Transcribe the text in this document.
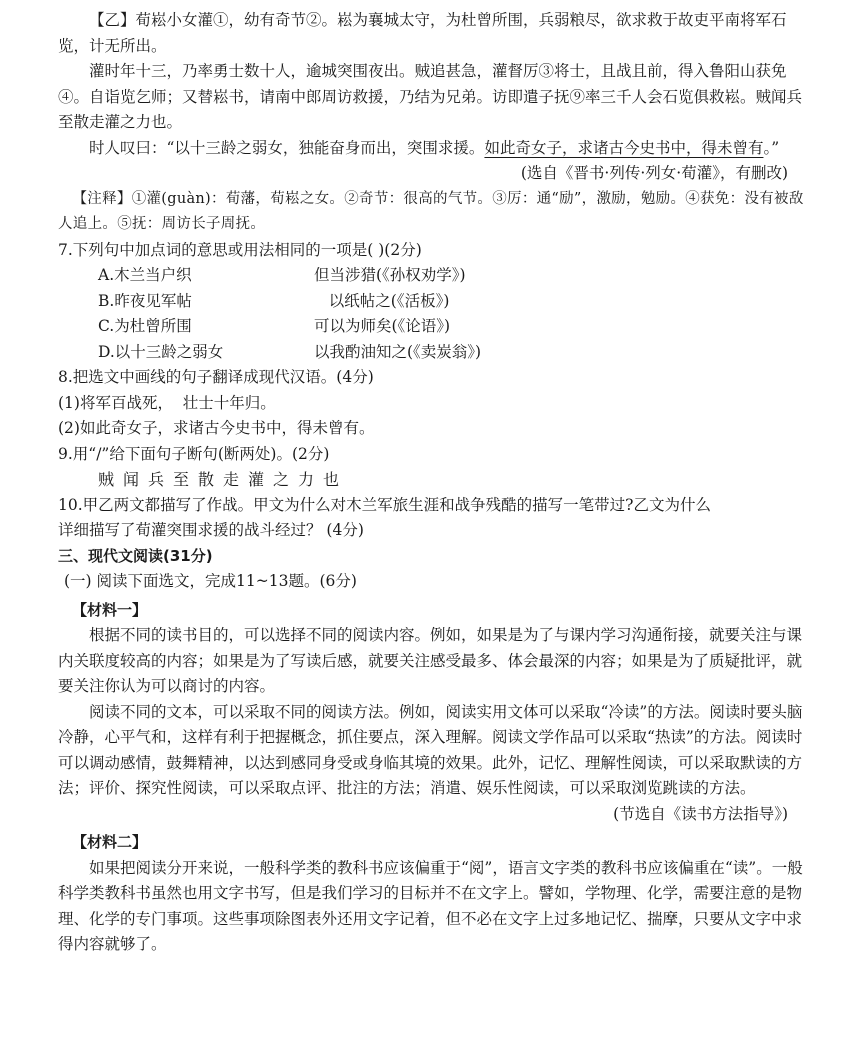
【乙】荀崧小女灌①，幼有奇节②。崧为襄城太守，为杜曾所围，兵弱粮尽，欲求救于故吏平南将军石览，计无所出。

灌时年十三，乃率勇士数十人，逾城突围夜出。贼追甚急，灌督厉③将士，且战且前，得入鲁阳山获免④。自诣览乞师；又替崧书，请南中郎周访救援，乃结为兄弟。访即遣子抚⑨率三千人会石览俱救崧。贼闻兵至散走灌之力也。

时人叹曰：“以十三龄之弱女，独能奋身而出，突围求援。如此奇女子，求诸古今史书中，得未曾有。”

(选自《晋书·列传·列女·荀灌》，有删改)

【注释】①灌(guàn)：荀藩，荀崧之女。②奇节：很高的气节。③厉：通“励”，激励，勉励。④获免：没有被敌人追上。⑤抚：周访长子周抚。

7.下列句中加点词的意思或用法相同的一项是( )(2分)

A.木兰当户织	但当涉猎(《孙权劝学》)
B.昨夜见军帖	以纸帖之(《活板》)
C.为杜曾所围	可以为师矣(《论语》)
D.以十三龄之弱女	以我酌油知之(《卖炭翁》)

8.把选文中画线的句子翻译成现代汉语。(4分)

(1)将军百战死，  壮士十年归。

(2)如此奇女子，求诸古今史书中，得未曾有。

9.用“/”给下面句子断句(断两处)。(2分)

贼闻兵至散走灌之力也

10.甲乙两文都描写了作战。甲文为什么对木兰军旅生涯和战争残酷的描写一笔带过?乙文为什么

详细描写了荀灌突围求援的战斗经过？ (4分)

三、现代文阅读(31分)

(一) 阅读下面选文，完成11~13题。(6分)

【材料一】

根据不同的读书目的，可以选择不同的阅读内容。例如，如果是为了与课内学习沟通衔接，就要关注与课内关联度较高的内容；如果是为了写读后感，就要关注感受最多、体会最深的内容；如果是为了质疑批评，就要关注你认为可以商讨的内容。

阅读不同的文本，可以采取不同的阅读方法。例如，阅读实用文体可以采取“冷读”的方法。阅读时要头脑冷静，心平气和，这样有利于把握概念，抓住要点，深入理解。阅读文学作品可以采取“热读”的方法。阅读时可以调动感情，鼓舞精神，以达到感同身受或身临其境的效果。此外，记忆、理解性阅读，可以采取默读的方法；评价、探究性阅读，可以采取点评、批注的方法；消遣、娱乐性阅读，可以采取浏览跳读的方法。

(节选自《读书方法指导》)

【材料二】

如果把阅读分开来说，一般科学类的教科书应该偏重于“阅”，语言文字类的教科书应该偏重在“读”。一般科学类教科书虽然也用文字书写，但是我们学习的目标并不在文字上。譬如，学物理、化学，需要注意的是物理、化学的专门事项。这些事项除图表外还用文字记着，但不必在文字上过多地记忆、揣摩，只要从文字中求得内容就够了。
